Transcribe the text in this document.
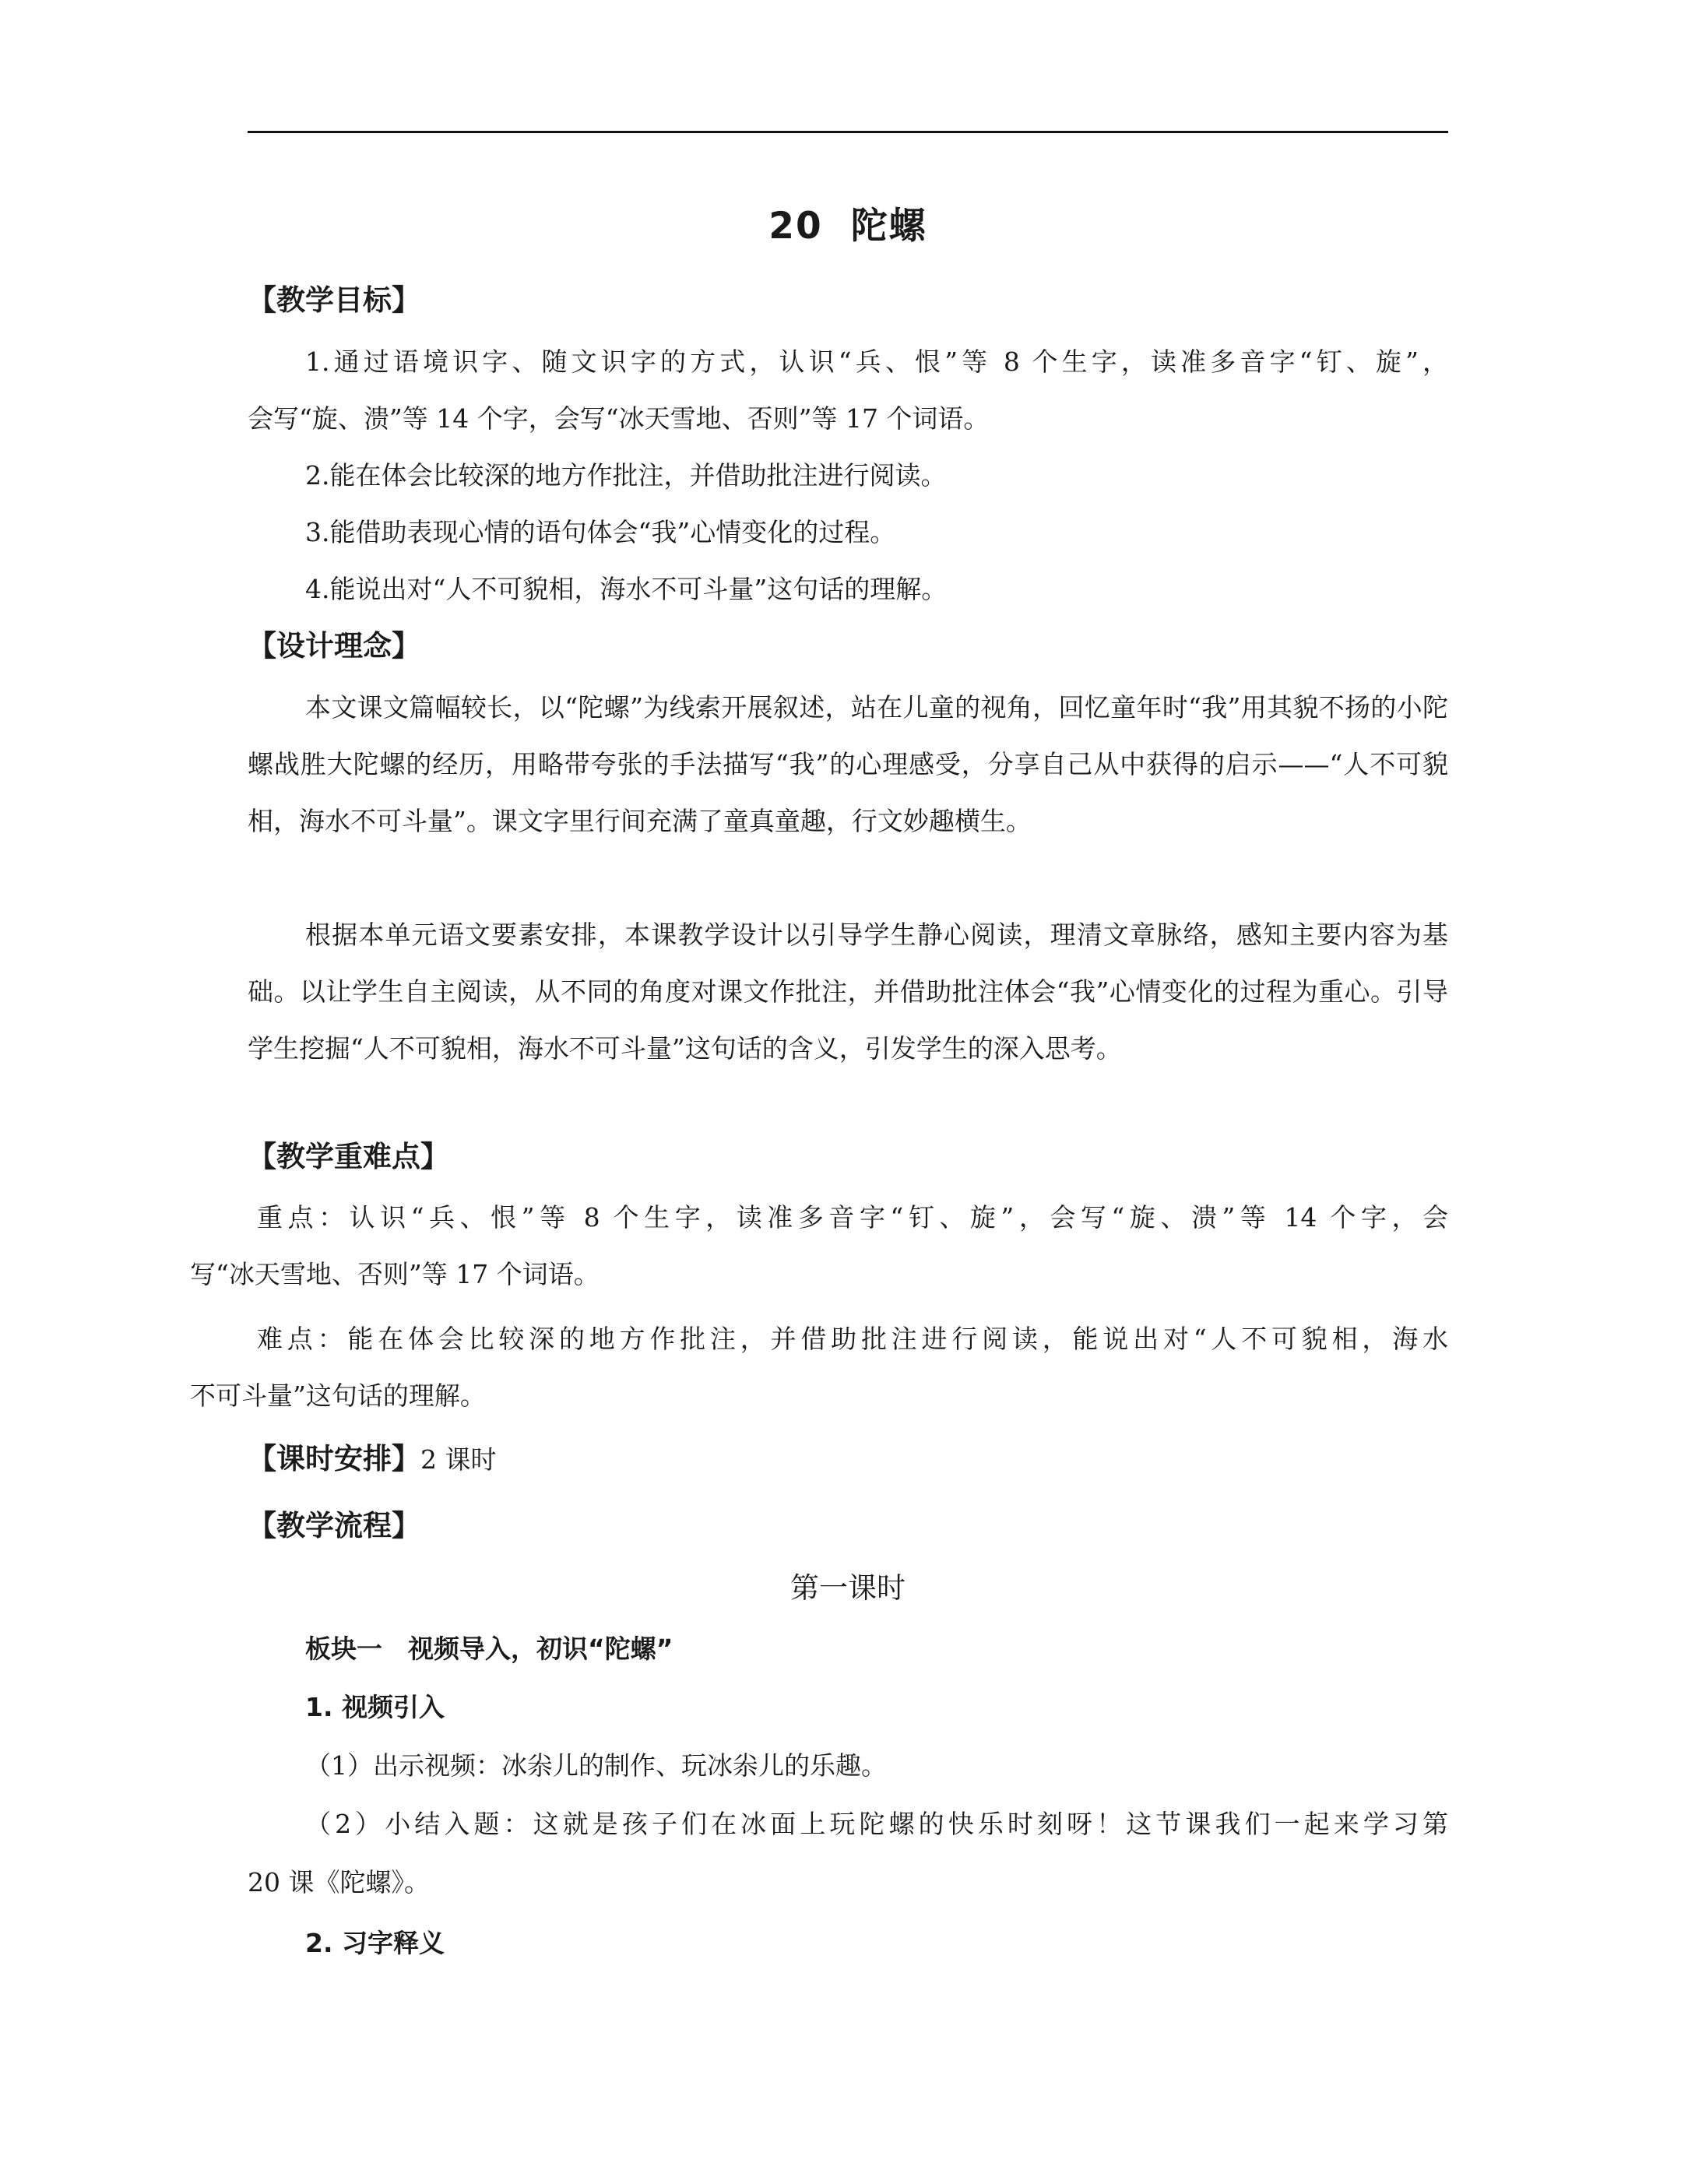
20 陀螺
【教学目标】
1.通过语境识字、随文识字的方式，认识“兵、恨”等 8 个生字，读准多音字“钉、旋”，
会写“旋、溃”等 14 个字，会写“冰天雪地、否则”等 17 个词语。
2.能在体会比较深的地方作批注，并借助批注进行阅读。
3.能借助表现心情的语句体会“我”心情变化的过程。
4.能说出对“人不可貌相，海水不可斗量”这句话的理解。
【设计理念】
本文课文篇幅较长，以“陀螺”为线索开展叙述，站在儿童的视角，回忆童年时“我”用其貌不扬的小陀螺战胜大陀螺的经历，用略带夸张的手法描写“我”的心理感受，分享自己从中获得的启示——“人不可貌相，海水不可斗量”。课文字里行间充满了童真童趣，行文妙趣横生。
根据本单元语文要素安排，本课教学设计以引导学生静心阅读，理清文章脉络，感知主要内容为基础。以让学生自主阅读，从不同的角度对课文作批注，并借助批注体会“我”心情变化的过程为重心。引导学生挖掘“人不可貌相，海水不可斗量”这句话的含义，引发学生的深入思考。
【教学重难点】
重点：认识“兵、恨”等 8 个生字，读准多音字“钉、旋”，会写“旋、溃”等 14 个字，会
写“冰天雪地、否则”等 17 个词语。
难点：能在体会比较深的地方作批注，并借助批注进行阅读，能说出对“人不可貌相，海水
不可斗量”这句话的理解。
【课时安排】2 课时
【教学流程】
第一课时
板块一　视频导入，初识“陀螺”
1. 视频引入
（1）出示视频：冰尜儿的制作、玩冰尜儿的乐趣。
（2）小结入题：这就是孩子们在冰面上玩陀螺的快乐时刻呀！这节课我们一起来学习第
20 课《陀螺》。
2. 习字释义
